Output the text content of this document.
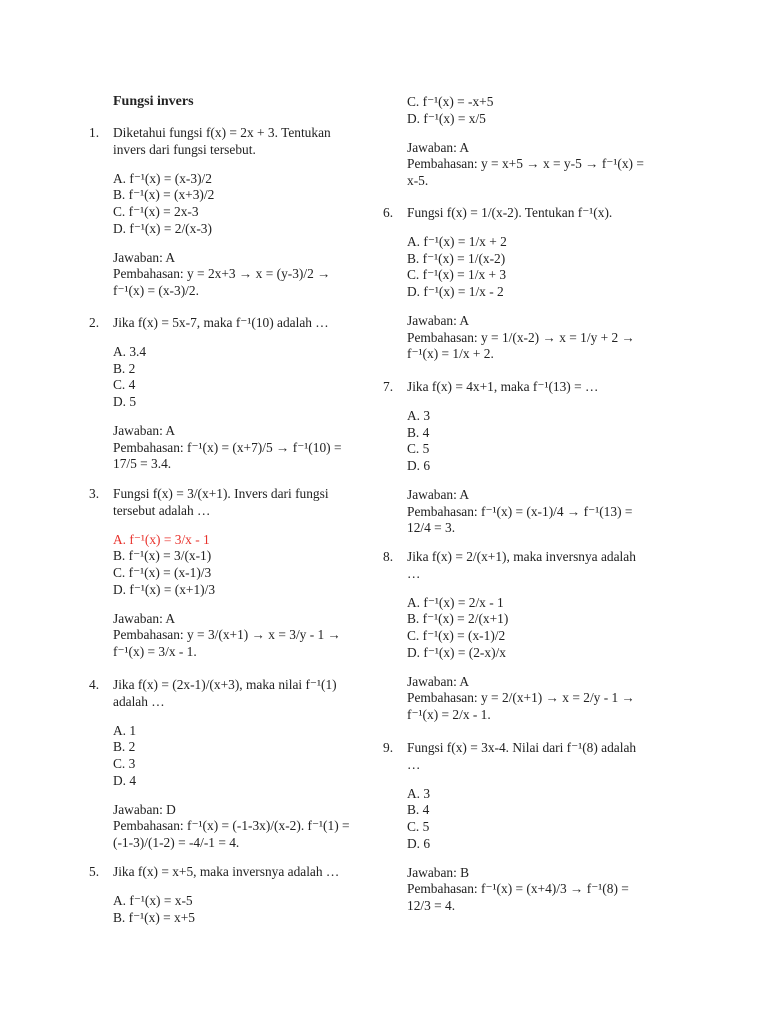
Fungsi invers
1. Diketahui fungsi f(x) = 2x + 3. Tentukan
invers dari fungsi tersebut.
A. f⁻¹(x) = (x-3)/2
B. f⁻¹(x) = (x+3)/2
C. f⁻¹(x) = 2x-3
D. f⁻¹(x) = 2/(x-3)
Jawaban: A
Pembahasan: y = 2x+3 → x = (y-3)/2 →
f⁻¹(x) = (x-3)/2.
2. Jika f(x) = 5x-7, maka f⁻¹(10) adalah …
A. 3.4
B. 2
C. 4
D. 5
Jawaban: A
Pembahasan: f⁻¹(x) = (x+7)/5 → f⁻¹(10) =
17/5 = 3.4.
3. Fungsi f(x) = 3/(x+1). Invers dari fungsi
tersebut adalah …
A. f⁻¹(x) = 3/x - 1
B. f⁻¹(x) = 3/(x-1)
C. f⁻¹(x) = (x-1)/3
D. f⁻¹(x) = (x+1)/3
Jawaban: A
Pembahasan: y = 3/(x+1) → x = 3/y - 1 →
f⁻¹(x) = 3/x - 1.
4. Jika f(x) = (2x-1)/(x+3), maka nilai f⁻¹(1)
adalah …
A. 1
B. 2
C. 3
D. 4
Jawaban: D
Pembahasan: f⁻¹(x) = (-1-3x)/(x-2). f⁻¹(1) =
(-1-3)/(1-2) = -4/-1 = 4.
5. Jika f(x) = x+5, maka inversnya adalah …
A. f⁻¹(x) = x-5
B. f⁻¹(x) = x+5
C. f⁻¹(x) = -x+5
D. f⁻¹(x) = x/5
Jawaban: A
Pembahasan: y = x+5 → x = y-5 → f⁻¹(x) =
x-5.
6. Fungsi f(x) = 1/(x-2). Tentukan f⁻¹(x).
A. f⁻¹(x) = 1/x + 2
B. f⁻¹(x) = 1/(x-2)
C. f⁻¹(x) = 1/x + 3
D. f⁻¹(x) = 1/x - 2
Jawaban: A
Pembahasan: y = 1/(x-2) → x = 1/y + 2 →
f⁻¹(x) = 1/x + 2.
7. Jika f(x) = 4x+1, maka f⁻¹(13) = …
A. 3
B. 4
C. 5
D. 6
Jawaban: A
Pembahasan: f⁻¹(x) = (x-1)/4 → f⁻¹(13) =
12/4 = 3.
8. Jika f(x) = 2/(x+1), maka inversnya adalah
…
A. f⁻¹(x) = 2/x - 1
B. f⁻¹(x) = 2/(x+1)
C. f⁻¹(x) = (x-1)/2
D. f⁻¹(x) = (2-x)/x
Jawaban: A
Pembahasan: y = 2/(x+1) → x = 2/y - 1 →
f⁻¹(x) = 2/x - 1.
9. Fungsi f(x) = 3x-4. Nilai dari f⁻¹(8) adalah
…
A. 3
B. 4
C. 5
D. 6
Jawaban: B
Pembahasan: f⁻¹(x) = (x+4)/3 → f⁻¹(8) =
12/3 = 4.
